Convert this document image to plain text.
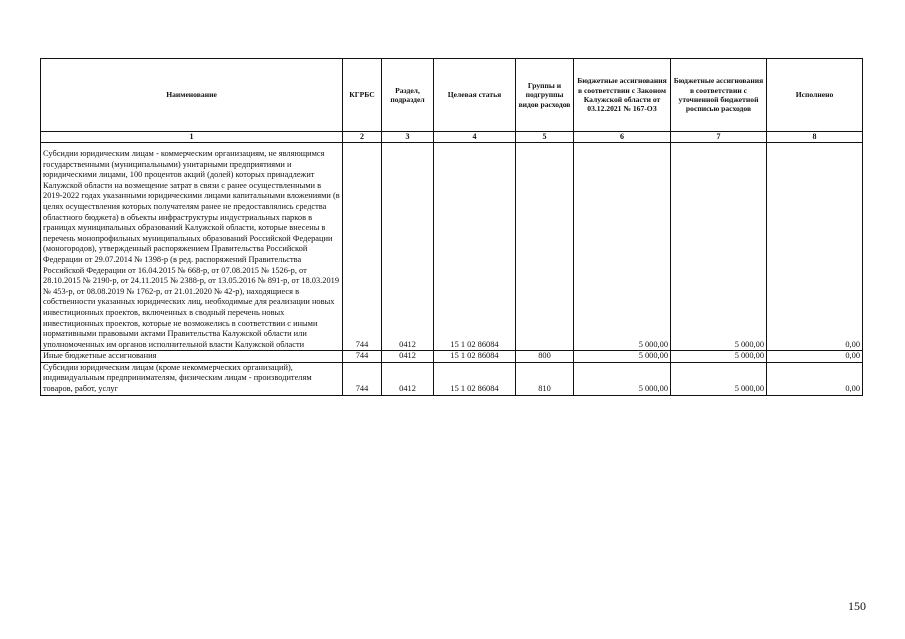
Наименование	КГРБС	Раздел, подраздел	Целевая статья	Группы и подгруппы видов расходов	Бюджетные ассигнования в соответствии с Законом Калужской области от 03.12.2021 № 167-ОЗ	Бюджетные ассигнования в соответствии с уточненной бюджетной росписью расходов	Исполнено
1	2	3	4	5	6	7	8

Субсидии юридическим лицам - коммерческим организациям, не являющимся государственными (муниципальными) унитарными предприятиями и юридическими лицами, 100 процентов акций (долей) которых принадлежит Калужской области на возмещение затрат в связи с ранее осуществленными в 2019-2022 годах указанными юридическими лицами капитальными вложениями (в целях осуществления которых получателям ранее не предоставлялись средства областного бюджета) в объекты инфраструктуры индустриальных парков в границах муниципальных образований Калужской области, которые внесены в перечень монопрофильных муниципальных образований Российской Федерации (моногородов), утвержденный распоряжением Правительства Российской Федерации от 29.07.2014 № 1398-р (в ред. распоряжений Правительства Российской Федерации от 16.04.2015 № 668-р, от 07.08.2015 № 1526-р, от 28.10.2015 № 2190-р, от 24.11.2015 № 2388-р, от 13.05.2016 № 891-р, от 18.03.2019 № 453-р, от 08.08.2019 № 1762-р, от 21.01.2020 № 42-р), находящиеся в собственности указанных юридических лиц, необходимые для реализации новых инвестиционных проектов, включенных в сводный перечень новых инвестиционных проектов, которые не возможелись в соответствии с иными нормативными правовыми актами Правительства Калужской области или уполномоченных им органов исполнительной власти Калужской области	744	0412	15 1 02 86084		5 000,00	5 000,00	0,00
Иные бюджетные ассигнования	744	0412	15 1 02 86084	800	5 000,00	5 000,00	0,00
Субсидии юридическим лицам (кроме некоммерческих организаций), индивидуальным предпринимателям, физическим лицам - производителям товаров, работ, услуг	744	0412	15 1 02 86084	810	5 000,00	5 000,00	0,00
150
